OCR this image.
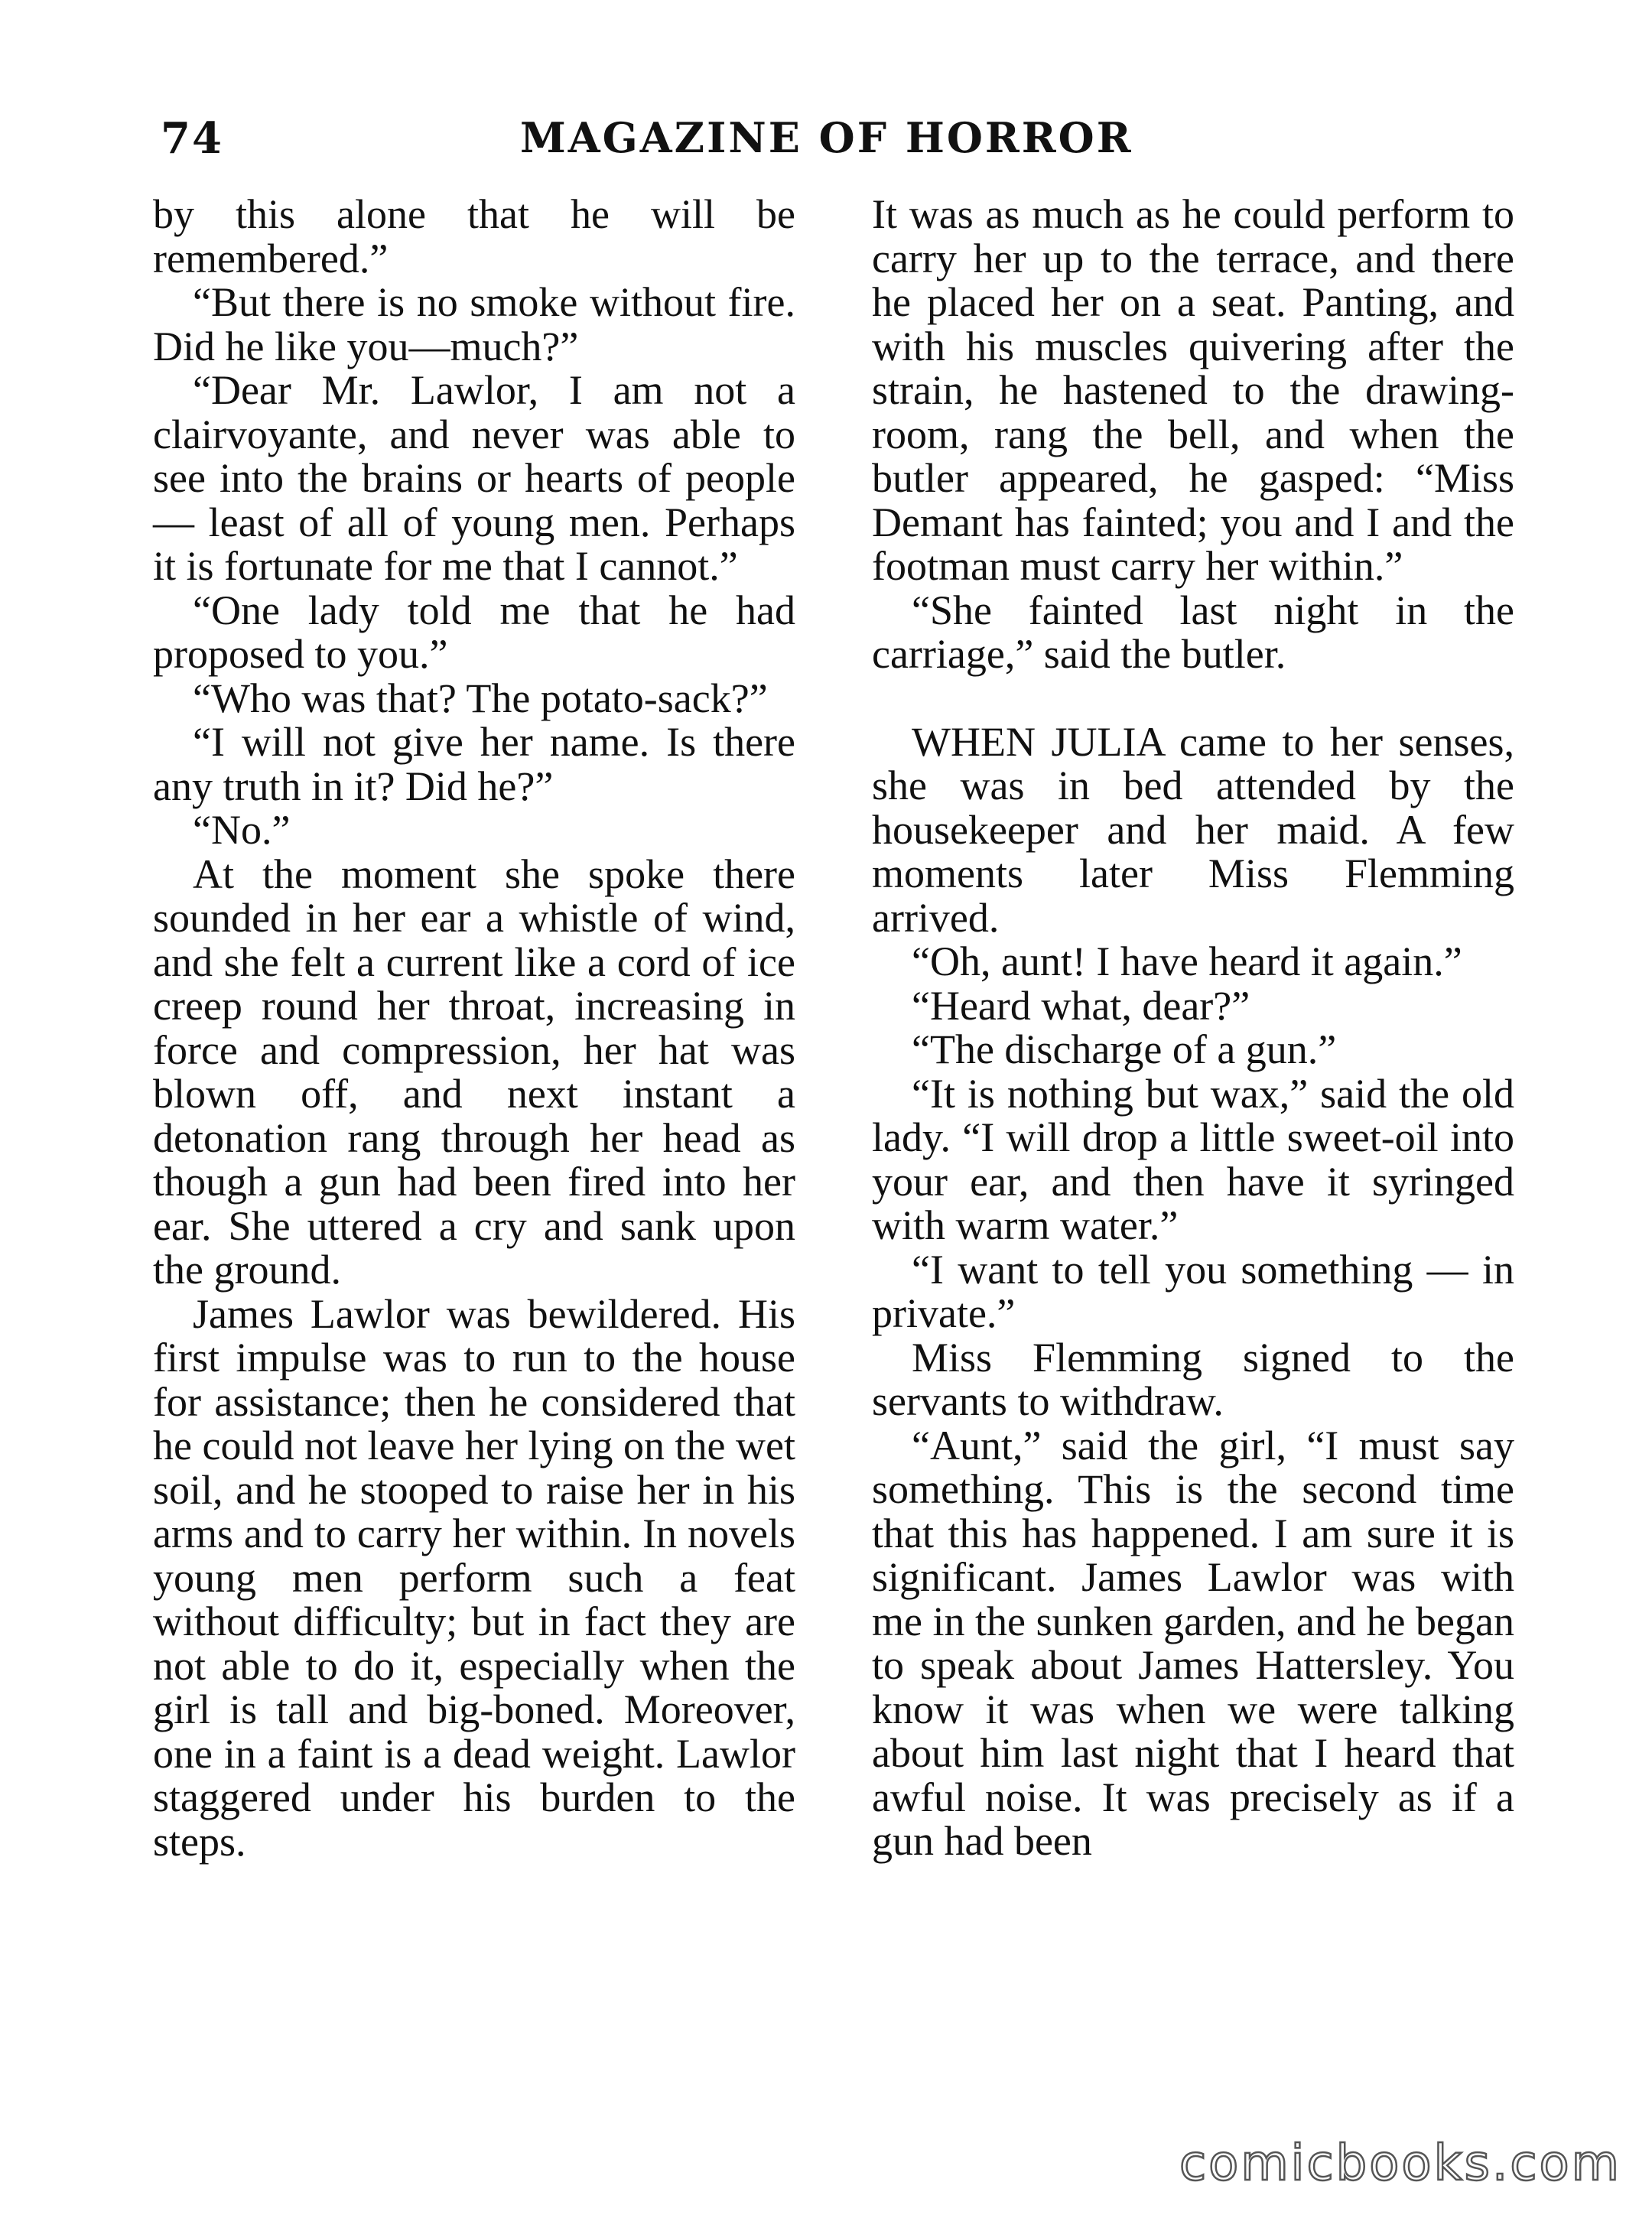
74	MAGAZINE OF HORROR

by this alone that he will be remembered.”

“But there is no smoke without fire. Did he like you—much?”

“Dear Mr. Lawlor, I am not a clairvoyante, and never was able to see into the brains or hearts of people — least of all of young men. Perhaps it is fortunate for me that I cannot.”

“One lady told me that he had proposed to you.”

“Who was that? The potato-sack?”

“I will not give her name. Is there any truth in it? Did he?”

“No.”

At the moment she spoke there sounded in her ear a whistle of wind, and she felt a current like a cord of ice creep round her throat, increasing in force and compression, her hat was blown off, and next instant a detonation rang through her head as though a gun had been fired into her ear. She uttered a cry and sank upon the ground.

James Lawlor was bewildered. His first impulse was to run to the house for assistance; then he considered that he could not leave her lying on the wet soil, and he stooped to raise her in his arms and to carry her within. In novels young men perform such a feat without difficulty; but in fact they are not able to do it, especially when the girl is tall and big-boned. Moreover, one in a faint is a dead weight. Lawlor staggered under his burden to the steps.

It was as much as he could perform to carry her up to the terrace, and there he placed her on a seat. Panting, and with his muscles quivering after the strain, he hastened to the drawing-room, rang the bell, and when the butler appeared, he gasped: “Miss Demant has fainted; you and I and the footman must carry her within.”

“She fainted last night in the carriage,” said the butler.

WHEN JULIA came to her senses, she was in bed attended by the housekeeper and her maid. A few moments later Miss Flemming arrived.

“Oh, aunt! I have heard it again.”

“Heard what, dear?”

“The discharge of a gun.”

“It is nothing but wax,” said the old lady. “I will drop a little sweet-oil into your ear, and then have it syringed with warm water.”

“I want to tell you something — in private.”

Miss Flemming signed to the servants to withdraw.

“Aunt,” said the girl, “I must say something. This is the second time that this has happened. I am sure it is significant. James Lawlor was with me in the sunken garden, and he began to speak about James Hattersley. You know it was when we were talking about him last night that I heard that awful noise. It was precisely as if a gun had been

comicbooks.com
